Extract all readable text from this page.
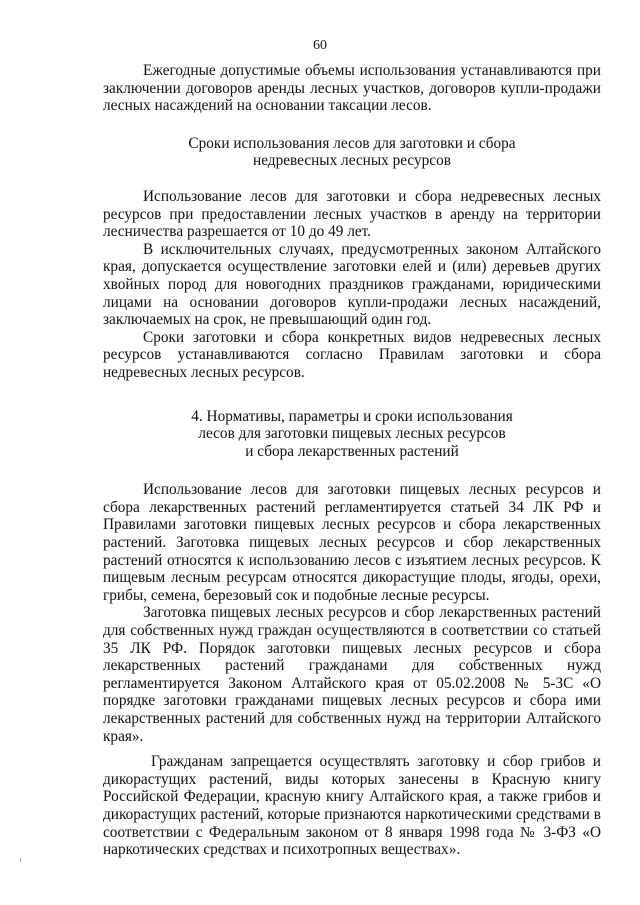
60

Ежегодные допустимые объемы использования устанавливаются при заключении договоров аренды лесных участков, договоров купли-продажи лесных насаждений на основании таксации лесов.

Сроки использования лесов для заготовки и сбора
недревесных лесных ресурсов

Использование лесов для заготовки и сбора недревесных лесных ресурсов при предоставлении лесных участков в аренду на территории лесничества разрешается от 10 до 49 лет.

В исключительных случаях, предусмотренных законом Алтайского края, допускается осуществление заготовки елей и (или) деревьев других хвойных пород для новогодних праздников гражданами, юридическими лицами на основании договоров купли-продажи лесных насаждений, заключаемых на срок, не превышающий один год.

Сроки заготовки и сбора конкретных видов недревесных лесных ресурсов устанавливаются согласно Правилам заготовки и сбора недревесных лесных ресурсов.

4. Нормативы, параметры и сроки использования
лесов для заготовки пищевых лесных ресурсов
и сбора лекарственных растений

Использование лесов для заготовки пищевых лесных ресурсов и сбора лекарственных растений регламентируется статьей 34 ЛК РФ и Правилами заготовки пищевых лесных ресурсов и сбора лекарственных растений. Заготовка пищевых лесных ресурсов и сбор лекарственных растений относятся к использованию лесов с изъятием лесных ресурсов. К пищевым лесным ресурсам относятся дикорастущие плоды, ягоды, орехи, грибы, семена, березовый сок и подобные лесные ресурсы.

Заготовка пищевых лесных ресурсов и сбор лекарственных растений для собственных нужд граждан осуществляются в соответствии со статьей 35 ЛК РФ. Порядок заготовки пищевых лесных ресурсов и сбора лекарственных растений гражданами для собственных нужд регламентируется Законом Алтайского края от 05.02.2008 № 5-ЗС «О порядке заготовки гражданами пищевых лесных ресурсов и сбора ими лекарственных растений для собственных нужд на территории Алтайского края».

Гражданам запрещается осуществлять заготовку и сбор грибов и дикорастущих растений, виды которых занесены в Красную книгу Российской Федерации, красную книгу Алтайского края, а также грибов и дикорастущих растений, которые признаются наркотическими средствами в соответствии с Федеральным законом от 8 января 1998 года № 3-ФЗ «О наркотических средствах и психотропных веществах».
